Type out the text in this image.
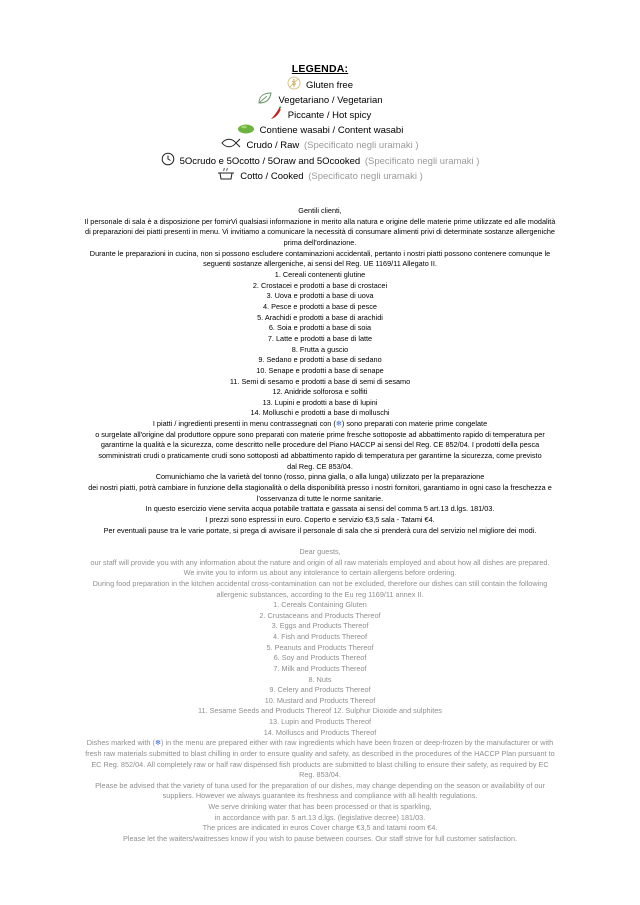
LEGENDA:
Gluten free
Vegetariano / Vegetarian
Piccante / Hot spicy
Contiene wasabi / Content wasabi
Crudo / Raw (Specificato negli uramaki )
5Ocrudo e 5Ocotto / 5Oraw and 5Ocooked (Specificato negli uramaki )
Cotto / Cooked (Specificato negli uramaki )
Gentili clienti,
Il personale di sala è a disposizione per fornirVi qualsiasi informazione in merito alla natura e origine delle materie prime utilizzate ed alle modalità
di preparazioni dei piatti presenti in menu. Vi invitiamo a comunicare la necessità di consumare alimenti privi di determinate sostanze allergeniche
prima dell'ordinazione.
Durante le preparazioni in cucina, non si possono escludere contaminazioni accidentali, pertanto i nostri piatti possono contenere comunque le
seguenti sostanze allergeniche, ai sensi del Reg. UE 1169/11 Allegato II.
1. Cereali contenenti glutine
2. Crostacei e prodotti a base di crostacei
3. Uova e prodotti a base di uova
4. Pesce e prodotti a base di pesce
5. Arachidi e prodotti a base di arachidi
6. Soia e prodotti a base di soia
7. Latte e prodotti a base di latte
8. Frutta a guscio
9. Sedano e prodotti a base di sedano
10. Senape e prodotti a base di senape
11. Semi di sesamo e prodotti a base di semi di sesamo
12. Anidride solforosa e solfiti
13. Lupini e prodotti a base di lupini
14. Molluschi e prodotti a base di molluschi
I piatti / ingredienti presenti in menu contrassegnati con (❄) sono preparati con materie prime congelate
o surgelate all'origine dal produttore oppure sono preparati con materie prime fresche sottoposte ad abbattimento rapido di temperatura per
garantirne la qualità e la sicurezza, come descritto nelle procedure del Piano HACCP ai sensi del Reg. CE 852/04. I prodotti della pesca
somministrati crudi o praticamente crudi sono sottoposti ad abbattimento rapido di temperatura per garantirne la sicurezza, come previsto
dal Reg. CE 853/04.
Comunichiamo che la varietà del tonno (rosso, pinna gialla, o alla lunga) utilizzato per la preparazione
dei nostri piatti, potrà cambiare in funzione della stagionalità o della disponibilità presso i nostri fornitori, garantiamo in ogni caso la freschezza e
l'osservanza di tutte le norme sanitarie.
In questo esercizio viene servita acqua potabile trattata e gassata ai sensi del comma 5 art.13 d.lgs. 181/03.
I prezzi sono espressi in euro. Coperto e servizio €3,5 sala - Tatami €4.
Per eventuali pause tra le varie portate, si prega di avvisare il personale di sala che si prenderà cura del servizio nel migliore dei modi.
Dear guests,
our staff will provide you with any information about the nature and origin of all raw materials employed and about how all dishes are prepared.
We invite you to inform us about any intolerance to certain allergens before ordering.
During food preparation in the kitchen accidental cross-contamination can not be excluded, therefore our dishes can still contain the following
allergenic substances, according to the Eu reg 1169/11 annex II.
1. Cereals Containing Gluten
2. Crustaceans and Products Thereof
3. Eggs and Products Thereof
4. Fish and Products Thereof
5. Peanuts and Products Thereof
6. Soy and Products Thereof
7. Milk and Products Thereof
8. Nuts
9. Celery and Products Thereof
10. Mustard and Products Thereof
11. Sesame Seeds and Products Thereof 12. Sulphur Dioxide and sulphites
13. Lupin and Products Thereof
14. Molluscs and Products Thereof
Dishes marked with (❄) in the menu are prepared either with raw ingredients which have been frozen or deep-frozen by the manufacturer or with
fresh raw materials submitted to blast chilling in order to ensure quality and safety, as described in the procedures of the HACCP Plan pursuant to
EC Reg. 852/04. All completely raw or half raw dispensed fish products are submitted to blast chilling to ensure their safety, as required by EC
Reg. 853/04.
Please be advised that the variety of tuna used for the preparation of our dishes, may change depending on the season or availability of our
suppliers. However we always guarantee its freshness and compliance with all health regulations.
We serve drinking water that has been processed or that is sparkling,
in accordance with par. 5 art.13 d.lgs. (legislative decree) 181/03.
The prices are indicated in euros Cover charge €3,5 and tatami room €4.
Please let the waiters/waitresses know if you wish to pause between courses. Our staff strive for full customer satisfaction.
